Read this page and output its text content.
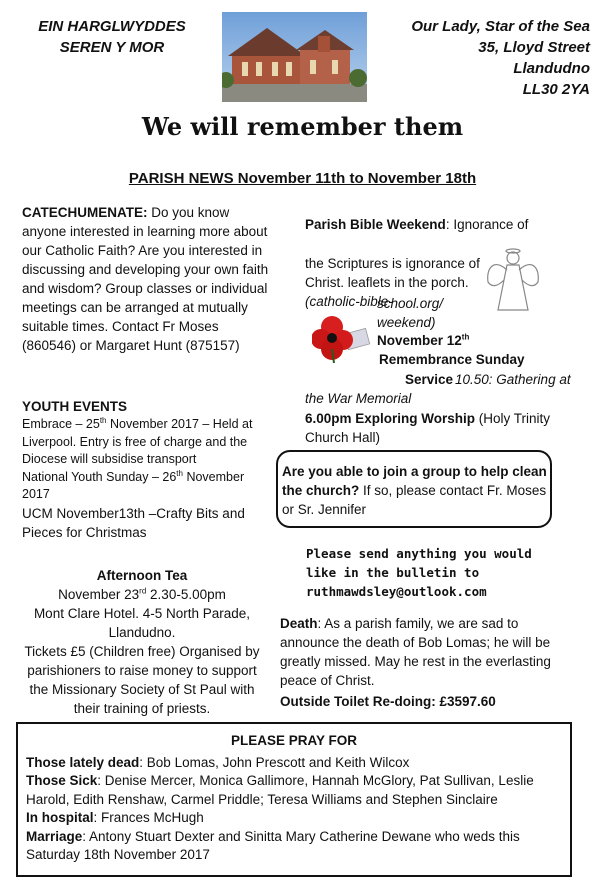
EIN HARGLWYDDES
SEREN Y MOR
Our Lady, Star of the Sea
35, Lloyd Street
Llandudno
LL30 2YA
We will remember them
PARISH NEWS November 11th to November 18th
CATECHUMENATE: Do you know anyone interested in learning more about our Catholic Faith? Are you interested in discussing and developing your own faith and wisdom? Group classes or individual meetings can be arranged at mutually suitable times. Contact Fr Moses (860546) or Margaret Hunt (875157)
YOUTH EVENTS
Embrace – 25th November 2017 – Held at Liverpool. Entry is free of charge and the Diocese will subsidise transport
National Youth Sunday – 26th November 2017
UCM November13th –Crafty Bits and Pieces for Christmas
Afternoon Tea
November 23rd 2.30-5.00pm
Mont Clare Hotel. 4-5 North Parade, Llandudno.
Tickets £5 (Children free) Organised by parishioners to raise money to support the Missionary Society of St Paul with their training of priests.
Parish Bible Weekend: Ignorance of
the Scriptures is ignorance of Christ. leaflets in the porch. (catholic-bible-
school.org/ weekend)
November 12th
Remembrance Sunday
Service 10.50: Gathering at the War Memorial
6.00pm Exploring Worship (Holy Trinity Church Hall)
Are you able to join a group to help clean the church? If so, please contact Fr. Moses or Sr. Jennifer
Please send anything you would like in the bulletin to ruthmawdsley@outlook.com
Death: As a parish family, we are sad to announce the death of Bob Lomas; he will be greatly missed. May he rest in the everlasting peace of Christ.
Outside Toilet Re-doing: £3597.60
PLEASE PRAY FOR
Those lately dead: Bob Lomas, John Prescott and Keith Wilcox
Those Sick: Denise Mercer, Monica Gallimore, Hannah McGlory, Pat Sullivan, Leslie Harold, Edith Renshaw, Carmel Priddle; Teresa Williams and Stephen Sinclaire
In hospital: Frances McHugh
Marriage: Antony Stuart Dexter and Sinitta Mary Catherine Dewane who weds this Saturday 18th November 2017
